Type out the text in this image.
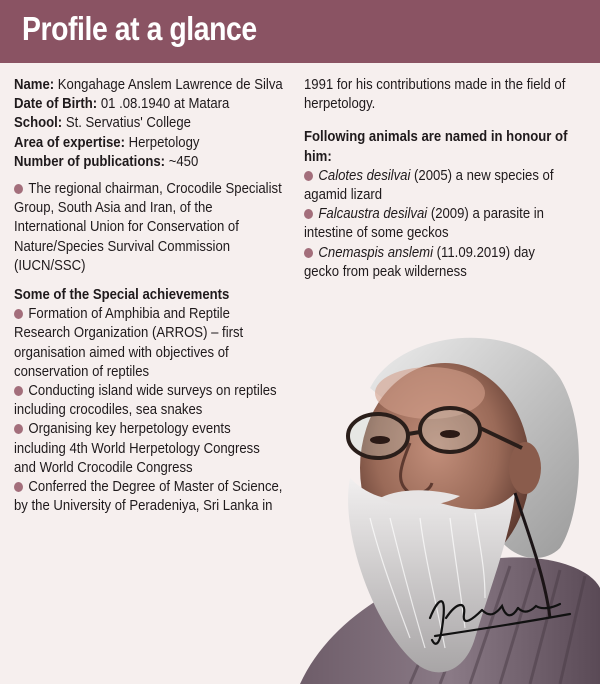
Profile at a glance

Name: Kongahage Anslem Lawrence de Silva

Date of Birth: 01 .08.1940 at Matara

School: St. Servatius' College

Area of expertise: Herpetology

Number of publications: ~450

The regional chairman, Crocodile Specialist Group, South Asia and Iran, of the International Union for Conservation of Nature/Species Survival Commission (IUCN/SSC)

Some of the Special achievements

Formation of Amphibia and Reptile Research Organization (ARROS) – first organisation aimed with objectives of conservation of reptiles

Conducting island wide surveys on reptiles including crocodiles, sea snakes

Organising key herpetology events including 4th World Herpetology Congress and World Crocodile Congress

Conferred the Degree of Master of Science, by the University of Peradeniya, Sri Lanka in

1991 for his contributions made in the field of herpetology.

Following animals are named in honour of him:

Calotes desilvai (2005) a new species of agamid lizard

Falcaustra desilvai (2009) a parasite in intestine of some geckos

Cnemaspis anslemi (11.09.2019) day gecko from peak wilderness
